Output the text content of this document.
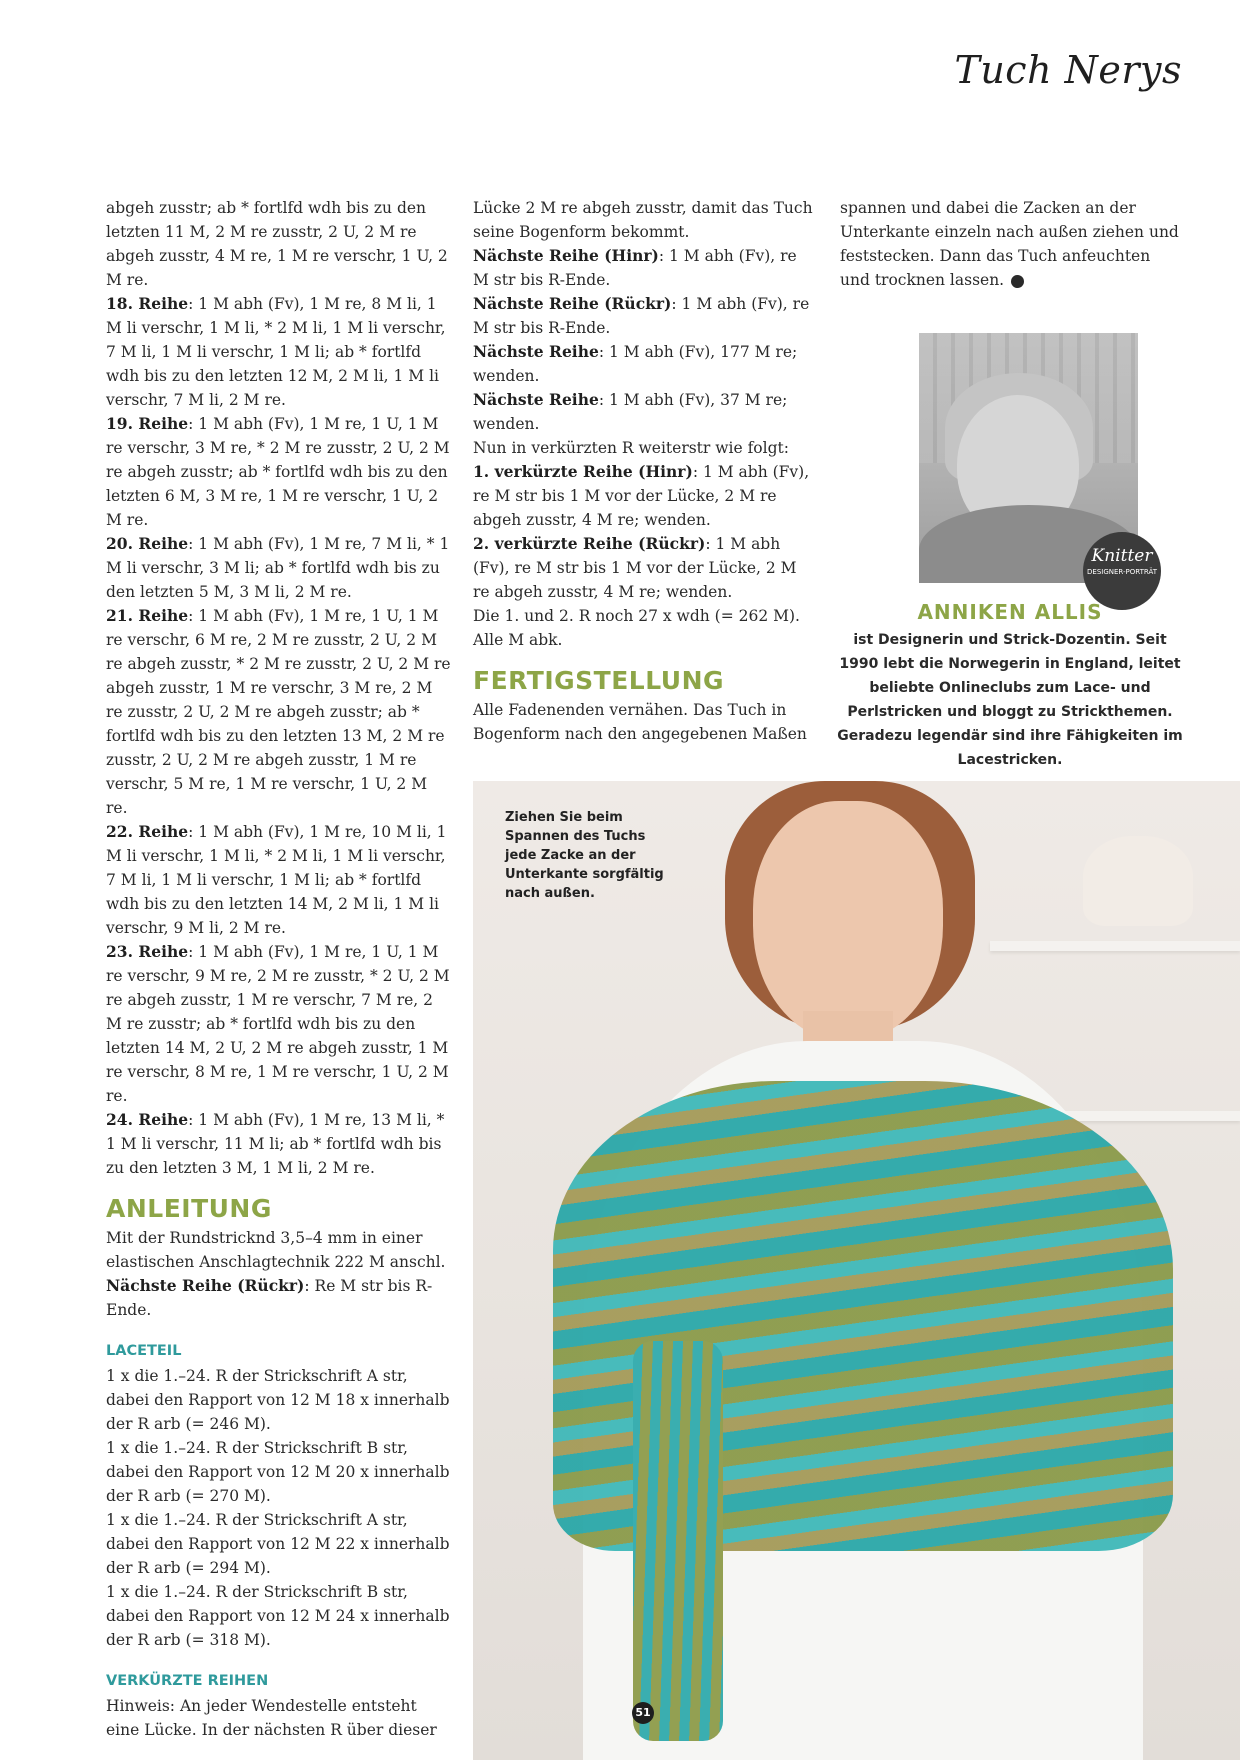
Tuch Nerys

abgeh zusstr; ab * fortlfd wdh bis zu den letzten 11 M, 2 M re zusstr, 2 U, 2 M re abgeh zusstr, 4 M re, 1 M re verschr, 1 U, 2 M re.

18. Reihe: 1 M abh (Fv), 1 M re, 8 M li, 1 M li verschr, 1 M li, * 2 M li, 1 M li verschr, 7 M li, 1 M li verschr, 1 M li; ab * fortlfd wdh bis zu den letzten 12 M, 2 M li, 1 M li verschr, 7 M li, 2 M re.

19. Reihe: 1 M abh (Fv), 1 M re, 1 U, 1 M re verschr, 3 M re, * 2 M re zusstr, 2 U, 2 M re abgeh zusstr; ab * fortlfd wdh bis zu den letzten 6 M, 3 M re, 1 M re verschr, 1 U, 2 M re.

20. Reihe: 1 M abh (Fv), 1 M re, 7 M li, * 1 M li verschr, 3 M li; ab * fortlfd wdh bis zu den letzten 5 M, 3 M li, 2 M re.

21. Reihe: 1 M abh (Fv), 1 M re, 1 U, 1 M re verschr, 6 M re, 2 M re zusstr, 2 U, 2 M re abgeh zusstr, * 2 M re zusstr, 2 U, 2 M re abgeh zusstr, 1 M re verschr, 3 M re, 2 M re zusstr, 2 U, 2 M re abgeh zusstr; ab * fortlfd wdh bis zu den letzten 13 M, 2 M re zusstr, 2 U, 2 M re abgeh zusstr, 1 M re verschr, 5 M re, 1 M re verschr, 1 U, 2 M re.

22. Reihe: 1 M abh (Fv), 1 M re, 10 M li, 1 M li verschr, 1 M li, * 2 M li, 1 M li verschr, 7 M li, 1 M li verschr, 1 M li; ab * fortlfd wdh bis zu den letzten 14 M, 2 M li, 1 M li verschr, 9 M li, 2 M re.

23. Reihe: 1 M abh (Fv), 1 M re, 1 U, 1 M re verschr, 9 M re, 2 M re zusstr, * 2 U, 2 M re abgeh zusstr, 1 M re verschr, 7 M re, 2 M re zusstr; ab * fortlfd wdh bis zu den letzten 14 M, 2 U, 2 M re abgeh zusstr, 1 M re verschr, 8 M re, 1 M re verschr, 1 U, 2 M re.

24. Reihe: 1 M abh (Fv), 1 M re, 13 M li, * 1 M li verschr, 11 M li; ab * fortlfd wdh bis zu den letzten 3 M, 1 M li, 2 M re.

ANLEITUNG

Mit der Rundstricknd 3,5–4 mm in einer elastischen Anschlagtechnik 222 M anschl.

Nächste Reihe (Rückr): Re M str bis R-Ende.

LACETEIL

1 x die 1.–24. R der Strickschrift A str, dabei den Rapport von 12 M 18 x innerhalb der R arb (= 246 M).

1 x die 1.–24. R der Strickschrift B str, dabei den Rapport von 12 M 20 x innerhalb der R arb (= 270 M).

1 x die 1.–24. R der Strickschrift A str, dabei den Rapport von 12 M 22 x innerhalb der R arb (= 294 M).

1 x die 1.–24. R der Strickschrift B str, dabei den Rapport von 12 M 24 x innerhalb der R arb (= 318 M).

VERKÜRZTE REIHEN

Hinweis: An jeder Wendestelle entsteht eine Lücke. In der nächsten R über dieser

Lücke 2 M re abgeh zusstr, damit das Tuch seine Bogenform bekommt.

Nächste Reihe (Hinr): 1 M abh (Fv), re M str bis R-Ende.

Nächste Reihe (Rückr): 1 M abh (Fv), re M str bis R-Ende.

Nächste Reihe: 1 M abh (Fv), 177 M re; wenden.

Nächste Reihe: 1 M abh (Fv), 37 M re; wenden.

Nun in verkürzten R weiterstr wie folgt:

1. verkürzte Reihe (Hinr): 1 M abh (Fv), re M str bis 1 M vor der Lücke, 2 M re abgeh zusstr, 4 M re; wenden.

2. verkürzte Reihe (Rückr): 1 M abh (Fv), re M str bis 1 M vor der Lücke, 2 M re abgeh zusstr, 4 M re; wenden.

Die 1. und 2. R noch 27 x wdh (= 262 M).

Alle M abk.

FERTIGSTELLUNG

Alle Fadenenden vernähen. Das Tuch in Bogenform nach den angegebenen Maßen

spannen und dabei die Zacken an der Unterkante einzeln nach außen ziehen und feststecken. Dann das Tuch anfeuchten und trocknen lassen.

Knitter
DESIGNER-PORTRÄT
ANNIKEN ALLIS
ist Designerin und Strick-Dozentin. Seit 1990 lebt die Norwegerin in England, leitet beliebte Onlineclubs zum Lace- und Perlstricken und bloggt zu Strickthemen. Geradezu legendär sind ihre Fähigkeiten im Lacestricken.
Ziehen Sie beim Spannen des Tuchs jede Zacke an der Unterkante sorgfältig nach außen.
51
